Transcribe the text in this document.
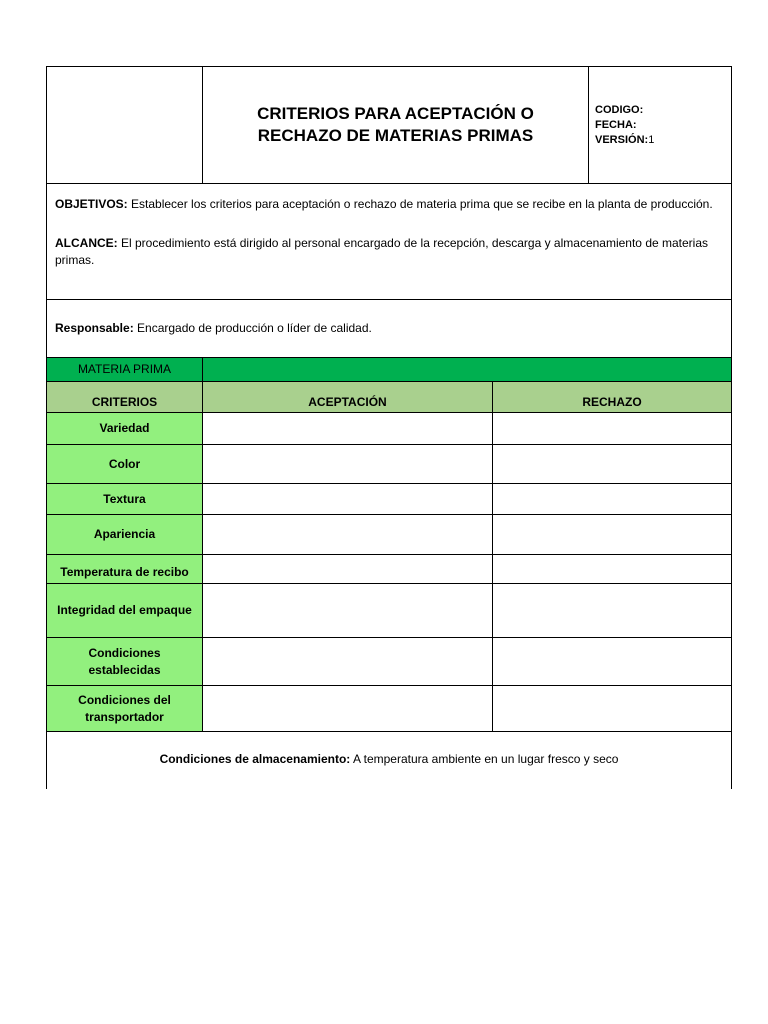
CRITERIOS PARA ACEPTACIÓN O RECHAZO DE MATERIAS PRIMAS
CODIGO:
FECHA:
VERSIÓN:1

OBJETIVOS: Establecer los criterios para aceptación o rechazo de materia prima que se recibe en la planta de producción.

ALCANCE: El procedimiento está dirigido al personal encargado de la recepción, descarga y almacenamiento de materias primas.

Responsable: Encargado de producción o líder de calidad.
MATERIA PRIMA
CRITERIOS	ACEPTACIÓN	RECHAZO
Variedad
Color
Textura
Apariencia
Temperatura de recibo
Integridad del empaque
Condiciones establecidas
Condiciones del transportador
Condiciones de almacenamiento: A temperatura ambiente en un lugar fresco y seco
